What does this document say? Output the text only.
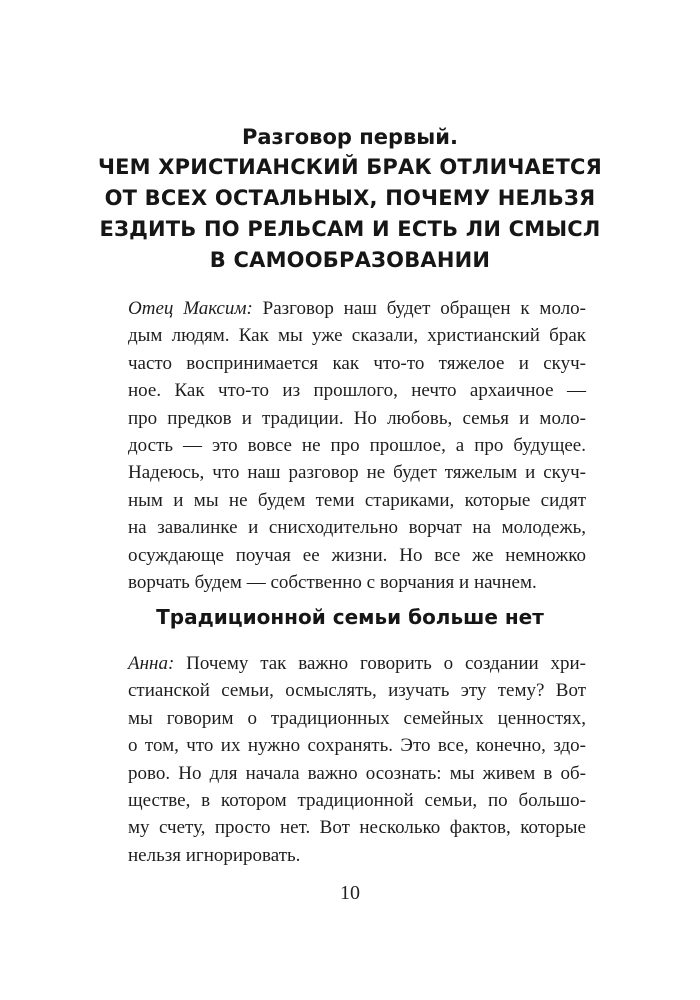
Разговор первый.
ЧЕМ ХРИСТИАНСКИЙ БРАК ОТЛИЧАЕТСЯ
ОТ ВСЕХ ОСТАЛЬНЫХ, ПОЧЕМУ НЕЛЬЗЯ
ЕЗДИТЬ ПО РЕЛЬСАМ И ЕСТЬ ЛИ СМЫСЛ
В САМООБРАЗОВАНИИ
Отец Максим: Разговор наш будет обращен к моло-
дым людям. Как мы уже сказали, христианский брак
часто воспринимается как что-то тяжелое и скуч-
ное. Как что-то из прошлого, нечто архаичное —
про предков и традиции. Но любовь, семья и моло-
дость — это вовсе не про прошлое, а про будущее.
Надеюсь, что наш разговор не будет тяжелым и скуч-
ным и мы не будем теми стариками, которые сидят
на завалинке и снисходительно ворчат на молодежь,
осуждающе поучая ее жизни. Но все же немножко
ворчать будем — собственно с ворчания и начнем.
Традиционной семьи больше нет
Анна: Почему так важно говорить о создании хри-
стианской семьи, осмыслять, изучать эту тему? Вот
мы говорим о традиционных семейных ценностях,
о том, что их нужно сохранять. Это все, конечно, здо-
рово. Но для начала важно осознать: мы живем в об-
ществе, в котором традиционной семьи, по большо-
му счету, просто нет. Вот несколько фактов, которые
нельзя игнорировать.
10
